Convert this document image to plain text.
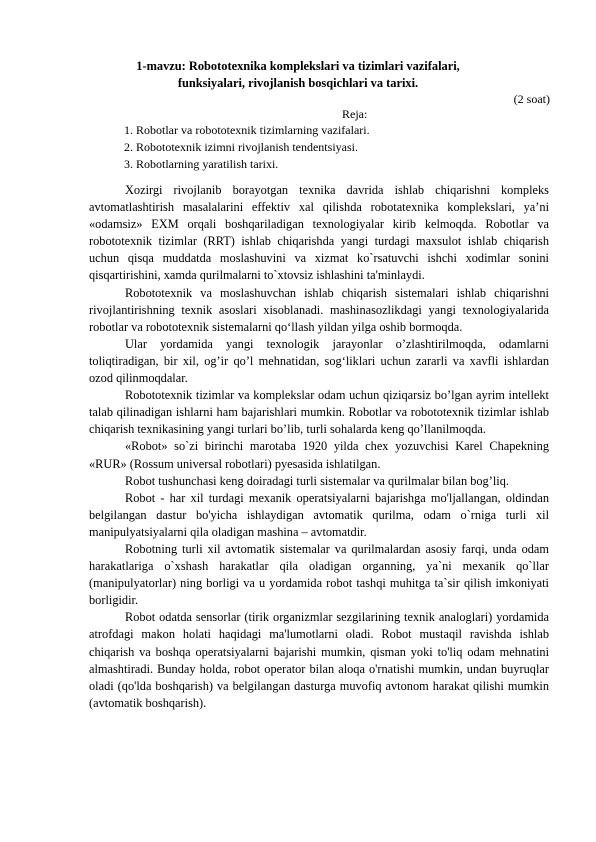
1-mavzu: Robototexnika komplekslari va tizimlari vazifalari,
funksiyalari, rivojlanish bosqichlari va tarixi.
(2 soat)
Reja:
1. Robotlar va robototexnik tizimlarning vazifalari.
2. Robototexnik izimni rivojlanish tendentsiyasi.
3. Robotlarning yaratilish tarixi.

Xozirgi rivojlanib borayotgan texnika davrida ishlab chiqarishni kompleks avtomatlashtirish masalalarini effektiv xal qilishda robotatexnika komplekslari, ya’ni «odamsiz» EXM orqali boshqariladigan texnologiyalar kirib kelmoqda. Robotlar va robototexnik tizimlar (RRT) ishlab chiqarishda yangi turdagi maxsulot ishlab chiqarish uchun qisqa muddatda moslashuvini va xizmat ko`rsatuvchi ishchi xodimlar sonini qisqartirishini, xamda qurilmalarni to`xtovsiz ishlashini ta'minlaydi.

Robototexnik va moslashuvchan ishlab chiqarish sistemalari ishlab chiqarishni rivojlantirishning texnik asoslari xisoblanadi. mashinasozlikdagi yangi texnologiyalarida robotlar va robototexnik sistemalarni qo‘llash yildan yilga oshib bormoqda.

Ular yordamida yangi texnologik jarayonlar o’zlashtirilmoqda, odamlarni toliqtiradigan, bir xil, og’ir qo’l mehnatidan, sog‘liklari uchun zararli va xavfli ishlardan ozod qilinmoqdalar.

Robototexnik tizimlar va komplekslar odam uchun qiziqarsiz bo’lgan ayrim intellekt talab qilinadigan ishlarni ham bajarishlari mumkin. Robotlar va robototexnik tizimlar ishlab chiqarish texnikasining yangi turlari bo’lib, turli sohalarda keng qo’llanilmoqda.

«Robot» so`zi birinchi marotaba 1920 yilda chex yozuvchisi Karel Chapekning «RUR» (Rossum universal robotlari) pyesasida ishlatilgan.

Robot tushunchasi keng doiradagi turli sistemalar va qurilmalar bilan bog’liq.

Robot - har xil turdagi mexanik operatsiyalarni bajarishga mo'ljallangan, oldindan belgilangan dastur bo'yicha ishlaydigan avtomatik qurilma, odam o`rniga turli xil manipulyatsiyalarni qila oladigan mashina – avtomatdir.

Robotning turli xil avtomatik sistemalar va qurilmalardan asosiy farqi, unda odam harakatlariga o`xshash harakatlar qila oladigan organning, ya`ni mexanik qo`llar (manipulyatorlar) ning borligi va u yordamida robot tashqi muhitga ta`sir qilish imkoniyati borligidir.

Robot odatda sensorlar (tirik organizmlar sezgilarining texnik analoglari) yordamida atrofdagi makon holati haqidagi ma'lumotlarni oladi. Robot mustaqil ravishda ishlab chiqarish va boshqa operatsiyalarni bajarishi mumkin, qisman yoki to'liq odam mehnatini almashtiradi. Bunday holda, robot operator bilan aloqa o'rnatishi mumkin, undan buyruqlar oladi (qo'lda boshqarish) va belgilangan dasturga muvofiq avtonom harakat qilishi mumkin (avtomatik boshqarish).
